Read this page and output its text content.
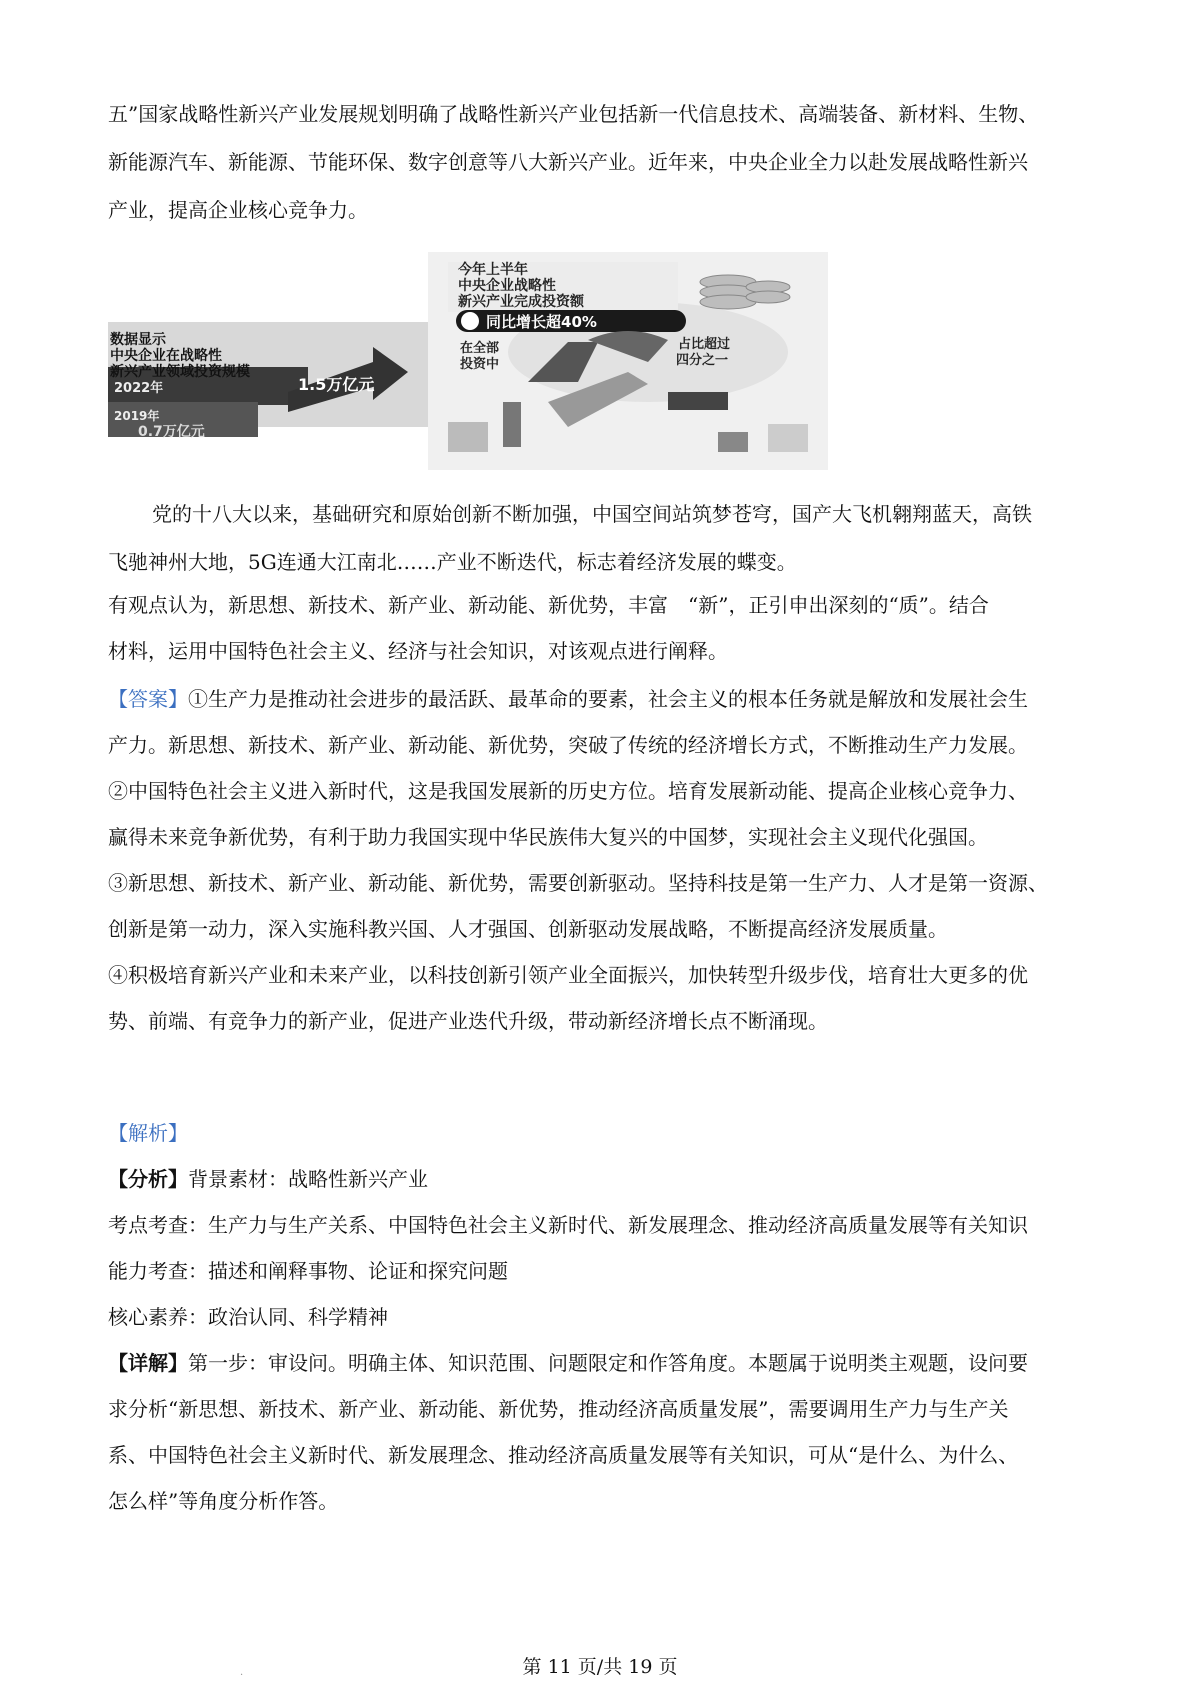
五”国家战略性新兴产业发展规划明确了战略性新兴产业包括新一代信息技术、高端装备、新材料、生物、
新能源汽车、新能源、节能环保、数字创意等八大新兴产业。近年来，中央企业全力以赴发展战略性新兴
产业，提高企业核心竞争力。
数据显示
中央企业在战略性
新兴产业领域投资规模
2022年	1.5万亿元
2019年
0.7万亿元
今年上半年
中央企业战略性
新兴产业完成投资额
同比增长超40%
在全部
投资中
占比超过
四分之一
党的十八大以来，基础研究和原始创新不断加强，中国空间站筑梦苍穹，国产大飞机翱翔蓝天，高铁
飞驰神州大地，5G连通大江南北……产业不断迭代，标志着经济发展的蝶变。
有观点认为，新思想、新技术、新产业、新动能、新优势，丰富　“新”，正引申出深刻的“质”。结合
材料，运用中国特色社会主义、经济与社会知识，对该观点进行阐释。
【答案】①生产力是推动社会进步的最活跃、最革命的要素，社会主义的根本任务就是解放和发展社会生
产力。新思想、新技术、新产业、新动能、新优势，突破了传统的经济增长方式，不断推动生产力发展。
②中国特色社会主义进入新时代，这是我国发展新的历史方位。培育发展新动能、提高企业核心竞争力、
赢得未来竞争新优势，有利于助力我国实现中华民族伟大复兴的中国梦，实现社会主义现代化强国。
③新思想、新技术、新产业、新动能、新优势，需要创新驱动。坚持科技是第一生产力、人才是第一资源、
创新是第一动力，深入实施科教兴国、人才强国、创新驱动发展战略，不断提高经济发展质量。
④积极培育新兴产业和未来产业，以科技创新引领产业全面振兴，加快转型升级步伐，培育壮大更多的优
势、前端、有竞争力的新产业，促进产业迭代升级，带动新经济增长点不断涌现。
【解析】
【分析】背景素材：战略性新兴产业
考点考查：生产力与生产关系、中国特色社会主义新时代、新发展理念、推动经济高质量发展等有关知识
能力考查：描述和阐释事物、论证和探究问题
核心素养：政治认同、科学精神
【详解】第一步：审设问。明确主体、知识范围、问题限定和作答角度。本题属于说明类主观题，设问要
求分析“新思想、新技术、新产业、新动能、新优势，推动经济高质量发展”，需要调用生产力与生产关
系、中国特色社会主义新时代、新发展理念、推动经济高质量发展等有关知识，可从“是什么、为什么、
怎么样”等角度分析作答。
第 11 页/共 19 页
·
